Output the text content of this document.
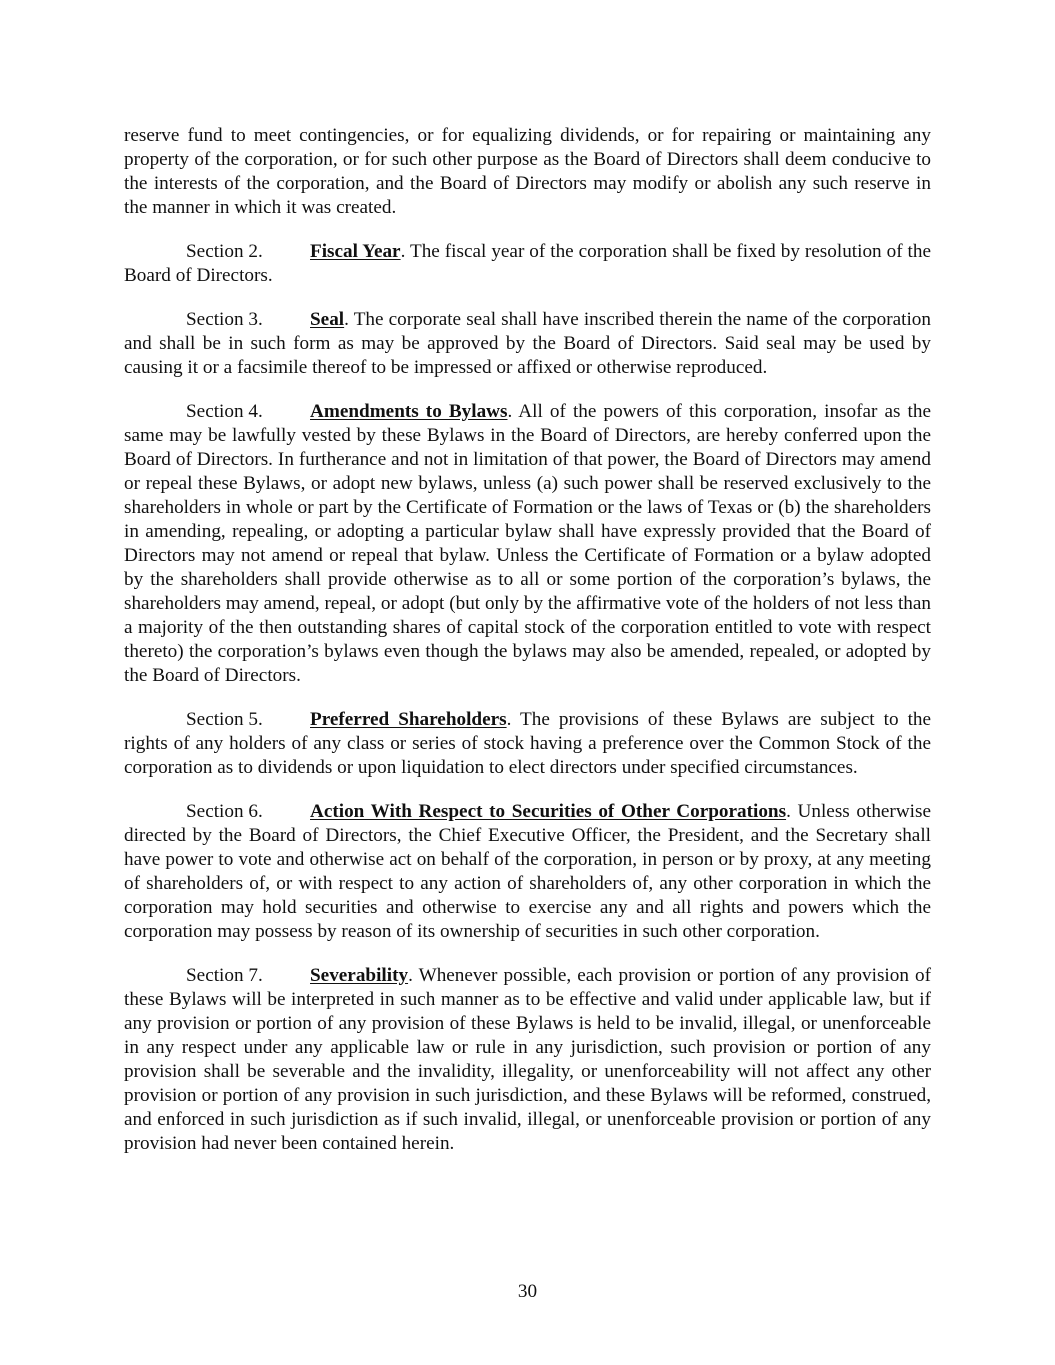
reserve fund to meet contingencies, or for equalizing dividends, or for repairing or maintaining any property of the corporation, or for such other purpose as the Board of Directors shall deem conducive to the interests of the corporation, and the Board of Directors may modify or abolish any such reserve in the manner in which it was created.

Section 2. Fiscal Year. The fiscal year of the corporation shall be fixed by resolution of the Board of Directors.

Section 3. Seal. The corporate seal shall have inscribed therein the name of the corporation and shall be in such form as may be approved by the Board of Directors. Said seal may be used by causing it or a facsimile thereof to be impressed or affixed or otherwise reproduced.

Section 4. Amendments to Bylaws. All of the powers of this corporation, insofar as the same may be lawfully vested by these Bylaws in the Board of Directors, are hereby conferred upon the Board of Directors. In furtherance and not in limitation of that power, the Board of Directors may amend or repeal these Bylaws, or adopt new bylaws, unless (a) such power shall be reserved exclusively to the shareholders in whole or part by the Certificate of Formation or the laws of Texas or (b) the shareholders in amending, repealing, or adopting a particular bylaw shall have expressly provided that the Board of Directors may not amend or repeal that bylaw. Unless the Certificate of Formation or a bylaw adopted by the shareholders shall provide otherwise as to all or some portion of the corporation’s bylaws, the shareholders may amend, repeal, or adopt (but only by the affirmative vote of the holders of not less than a majority of the then outstanding shares of capital stock of the corporation entitled to vote with respect thereto) the corporation’s bylaws even though the bylaws may also be amended, repealed, or adopted by the Board of Directors.

Section 5. Preferred Shareholders. The provisions of these Bylaws are subject to the rights of any holders of any class or series of stock having a preference over the Common Stock of the corporation as to dividends or upon liquidation to elect directors under specified circumstances.

Section 6. Action With Respect to Securities of Other Corporations. Unless otherwise directed by the Board of Directors, the Chief Executive Officer, the President, and the Secretary shall have power to vote and otherwise act on behalf of the corporation, in person or by proxy, at any meeting of shareholders of, or with respect to any action of shareholders of, any other corporation in which the corporation may hold securities and otherwise to exercise any and all rights and powers which the corporation may possess by reason of its ownership of securities in such other corporation.

Section 7. Severability. Whenever possible, each provision or portion of any provision of these Bylaws will be interpreted in such manner as to be effective and valid under applicable law, but if any provision or portion of any provision of these Bylaws is held to be invalid, illegal, or unenforceable in any respect under any applicable law or rule in any jurisdiction, such provision or portion of any provision shall be severable and the invalidity, illegality, or unenforceability will not affect any other provision or portion of any provision in such jurisdiction, and these Bylaws will be reformed, construed, and enforced in such jurisdiction as if such invalid, illegal, or unenforceable provision or portion of any provision had never been contained herein.

30
